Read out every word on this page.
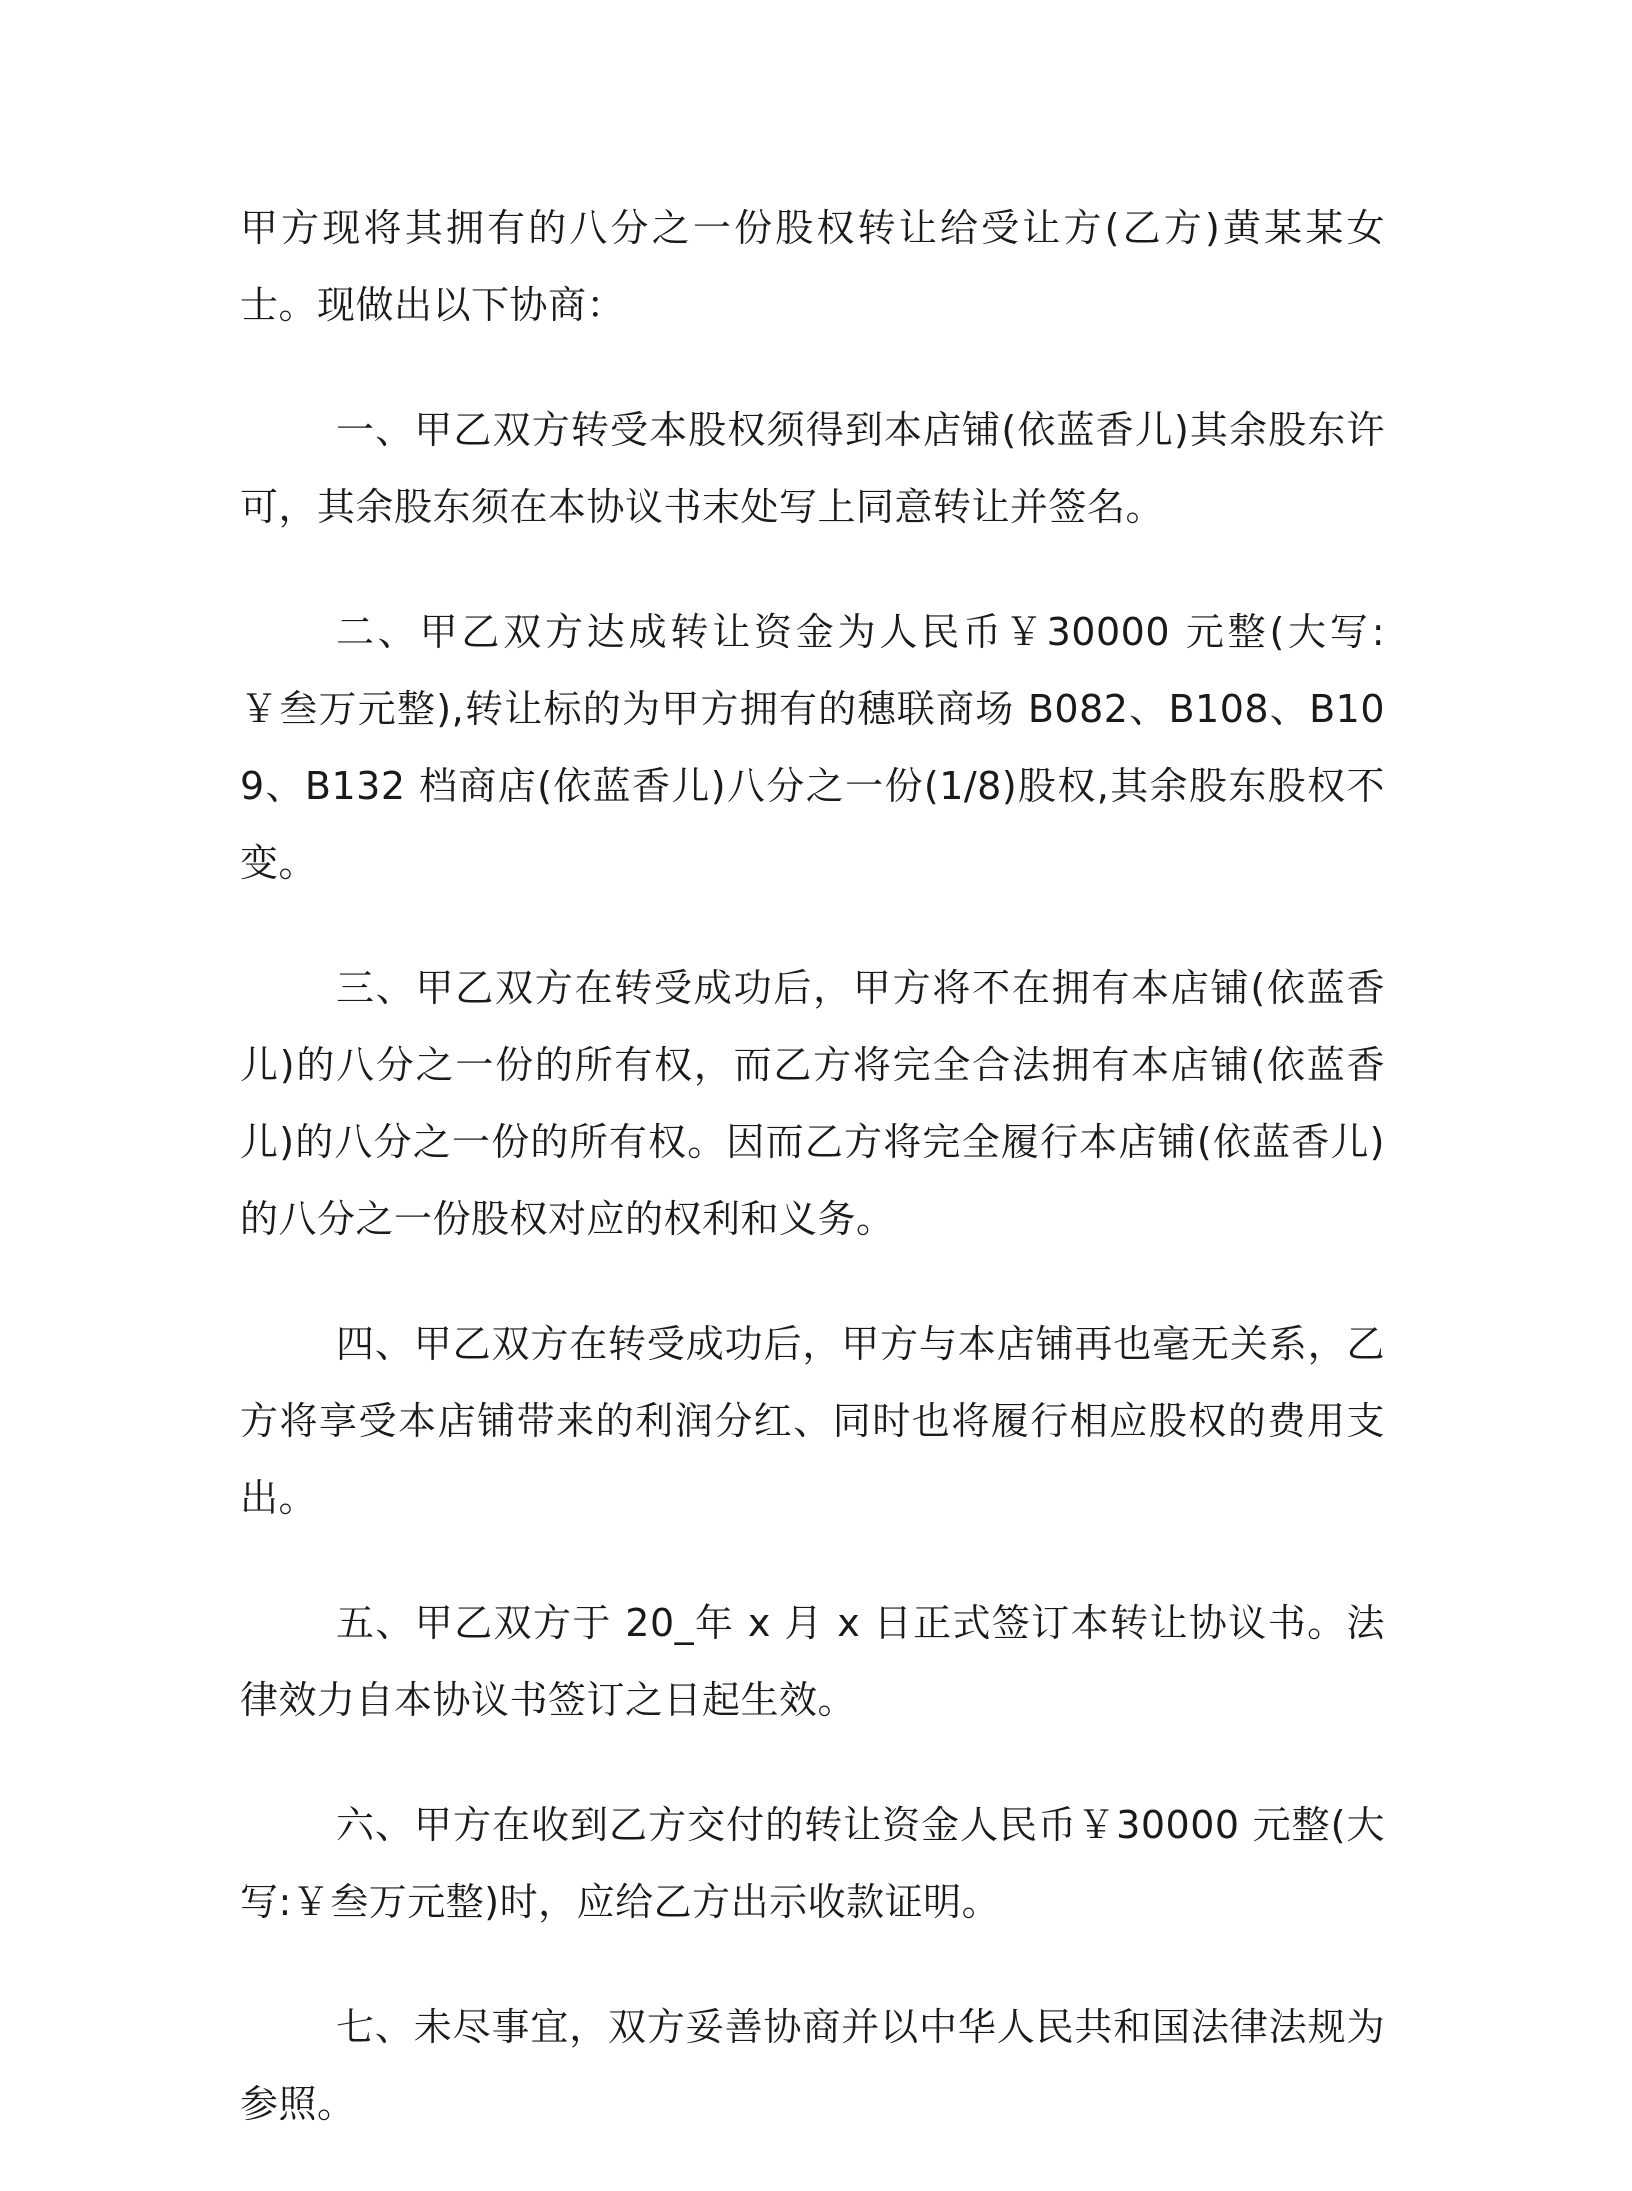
甲方现将其拥有的八分之一份股权转让给受让方(乙方)黄某某女士。现做出以下协商：

一、甲乙双方转受本股权须得到本店铺(依蓝香儿)其余股东许可，其余股东须在本协议书末处写上同意转让并签名。

二、甲乙双方达成转让资金为人民币￥30000 元整(大写:￥叁万元整),转让标的为甲方拥有的穗联商场 B082、B108、B109、B132 档商店(依蓝香儿)八分之一份(1/8)股权,其余股东股权不变。

三、甲乙双方在转受成功后，甲方将不在拥有本店铺(依蓝香儿)的八分之一份的所有权，而乙方将完全合法拥有本店铺(依蓝香儿)的八分之一份的所有权。因而乙方将完全履行本店铺(依蓝香儿)的八分之一份股权对应的权利和义务。

四、甲乙双方在转受成功后，甲方与本店铺再也毫无关系，乙方将享受本店铺带来的利润分红、同时也将履行相应股权的费用支出。

五、甲乙双方于 20_年 x 月 x 日正式签订本转让协议书。法律效力自本协议书签订之日起生效。

六、甲方在收到乙方交付的转让资金人民币￥30000 元整(大写:￥叁万元整)时，应给乙方出示收款证明。

七、未尽事宜，双方妥善协商并以中华人民共和国法律法规为参照。
